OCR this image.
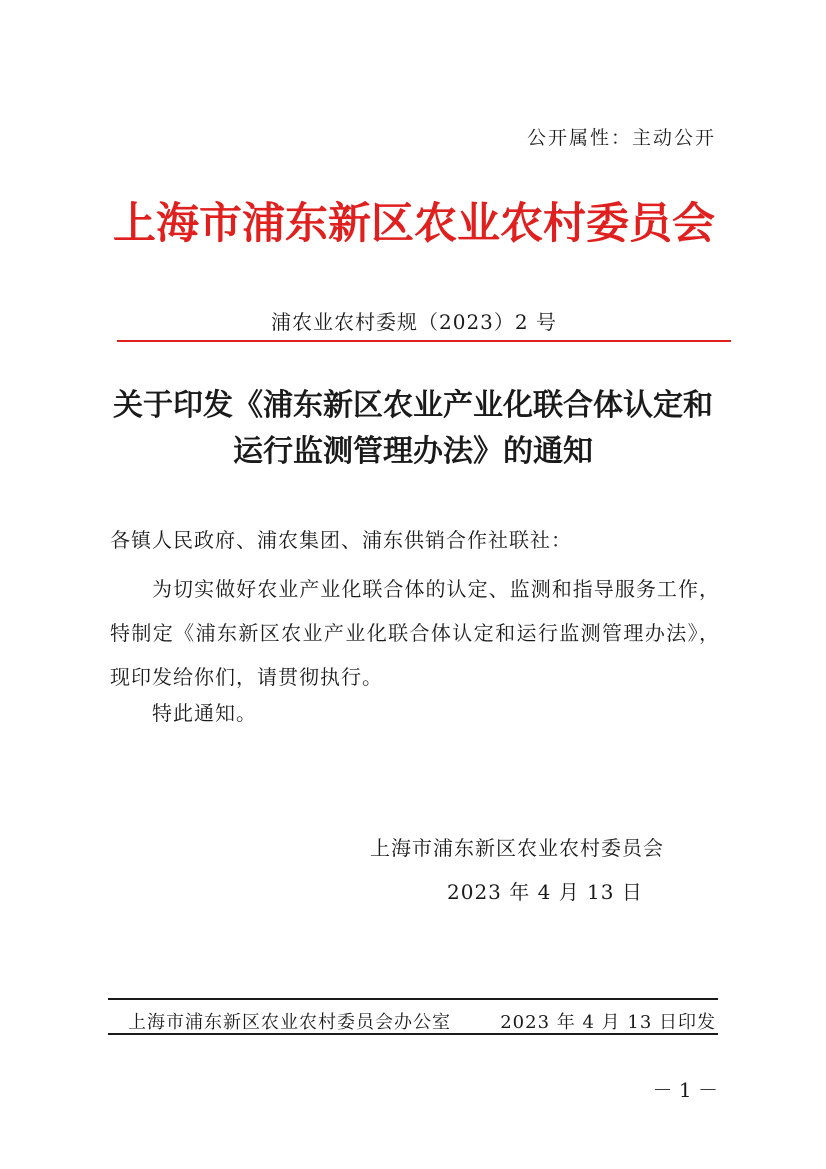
公开属性：主动公开
上海市浦东新区农业农村委员会
浦农业农村委规（2023）2 号
关于印发《浦东新区农业产业化联合体认定和
运行监测管理办法》的通知
各镇人民政府、浦农集团、浦东供销合作社联社：
为切实做好农业产业化联合体的认定、监测和指导服务工作，特制定《浦东新区农业产业化联合体认定和运行监测管理办法》，现印发给你们，请贯彻执行。
特此通知。
上海市浦东新区农业农村委员会
2023 年 4 月 13 日
上海市浦东新区农业农村委员会办公室	2023 年 4 月 13 日印发
－ 1 －
